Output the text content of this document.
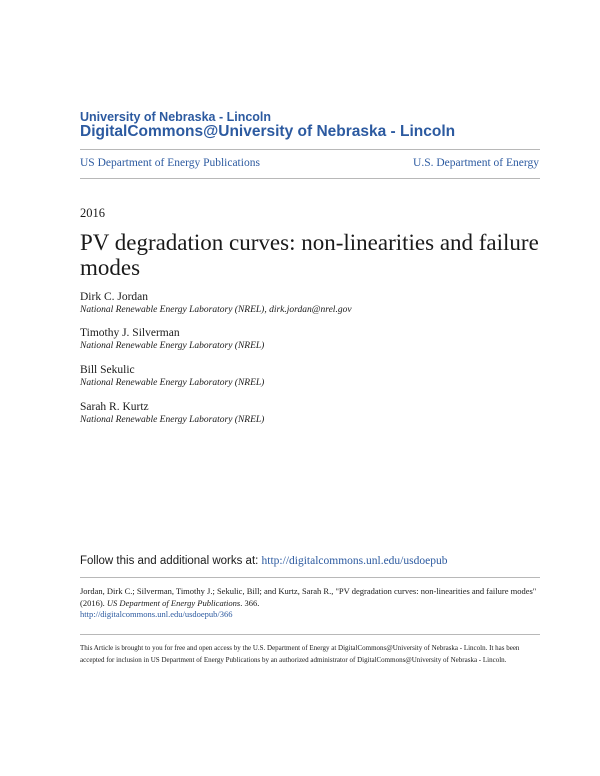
University of Nebraska - Lincoln
DigitalCommons@University of Nebraska - Lincoln
US Department of Energy Publications	U.S. Department of Energy
2016
PV degradation curves: non-linearities and failure modes
Dirk C. Jordan
National Renewable Energy Laboratory (NREL), dirk.jordan@nrel.gov
Timothy J. Silverman
National Renewable Energy Laboratory (NREL)
Bill Sekulic
National Renewable Energy Laboratory (NREL)
Sarah R. Kurtz
National Renewable Energy Laboratory (NREL)
Follow this and additional works at: http://digitalcommons.unl.edu/usdoepub
Jordan, Dirk C.; Silverman, Timothy J.; Sekulic, Bill; and Kurtz, Sarah R., "PV degradation curves: non-linearities and failure modes" (2016). US Department of Energy Publications. 366.
http://digitalcommons.unl.edu/usdoepub/366
This Article is brought to you for free and open access by the U.S. Department of Energy at DigitalCommons@University of Nebraska - Lincoln. It has been accepted for inclusion in US Department of Energy Publications by an authorized administrator of DigitalCommons@University of Nebraska - Lincoln.
